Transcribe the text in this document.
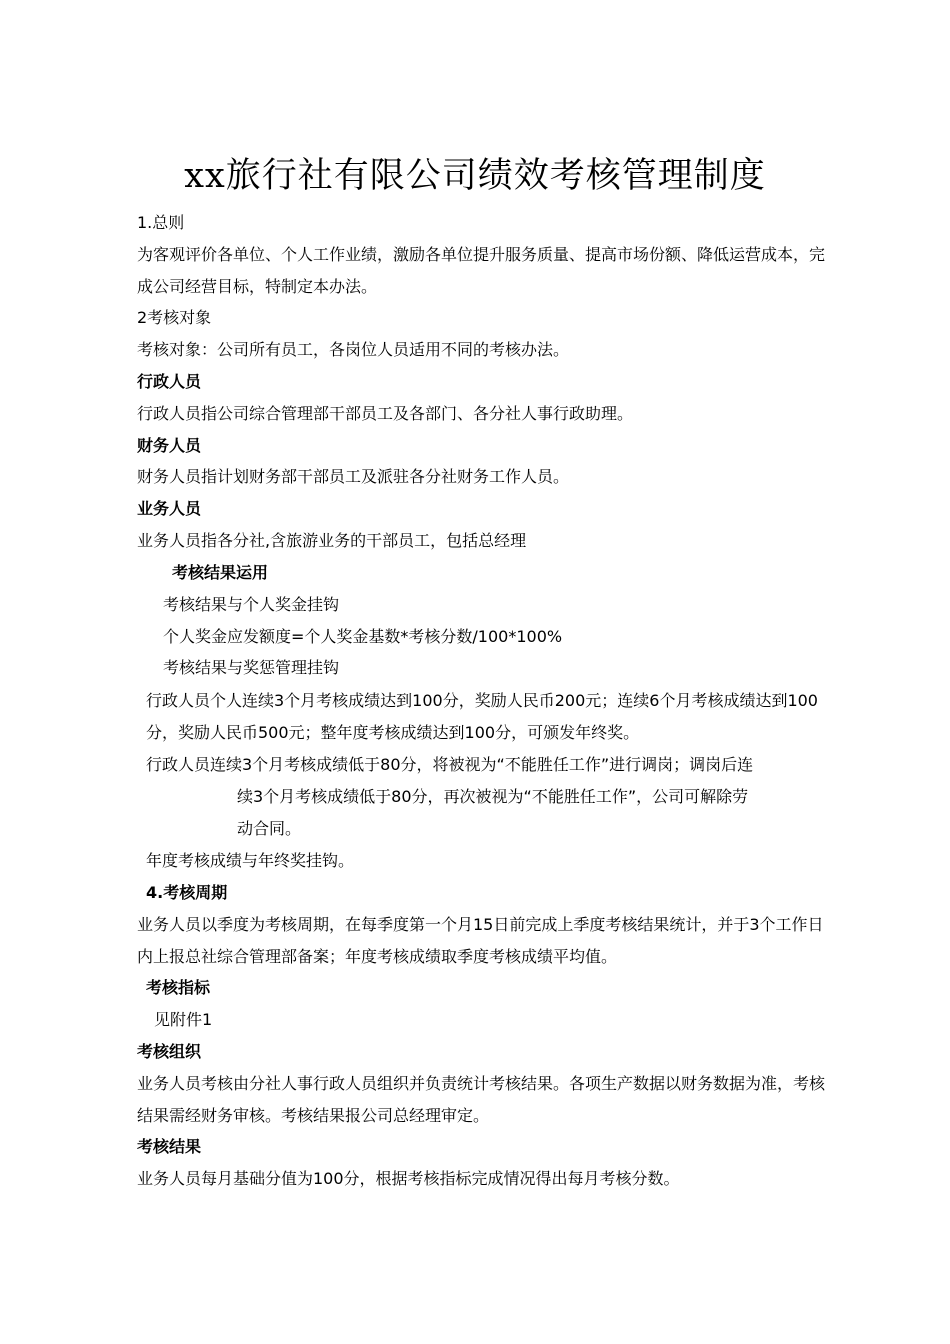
xx旅行社有限公司绩效考核管理制度
1.总则
为客观评价各单位、个人工作业绩，激励各单位提升服务质量、提高市场份额、降低运营成本，完成公司经营目标，特制定本办法。
2考核对象
考核对象：公司所有员工，各岗位人员适用不同的考核办法。
行政人员
行政人员指公司综合管理部干部员工及各部门、各分社人事行政助理。
财务人员
财务人员指计划财务部干部员工及派驻各分社财务工作人员。
业务人员
业务人员指各分社,含旅游业务的干部员工，包括总经理
考核结果运用
考核结果与个人奖金挂钩
个人奖金应发额度=个人奖金基数*考核分数/100*100%
考核结果与奖惩管理挂钩
行政人员个人连续3个月考核成绩达到100分，奖励人民币200元；连续6个月考核成绩达到100分，奖励人民币500元；整年度考核成绩达到100分，可颁发年终奖。
行政人员连续3个月考核成绩低于80分，将被视为“不能胜任工作”进行调岗；调岗后连
续3个月考核成绩低于80分，再次被视为“不能胜任工作”，公司可解除劳
动合同。
年度考核成绩与年终奖挂钩。
4.考核周期
业务人员以季度为考核周期，在每季度第一个月15日前完成上季度考核结果统计，并于3个工作日内上报总社综合管理部备案；年度考核成绩取季度考核成绩平均值。
考核指标
见附件1
考核组织
业务人员考核由分社人事行政人员组织并负责统计考核结果。各项生产数据以财务数据为准，考核结果需经财务审核。考核结果报公司总经理审定。
考核结果
业务人员每月基础分值为100分，根据考核指标完成情况得出每月考核分数。
